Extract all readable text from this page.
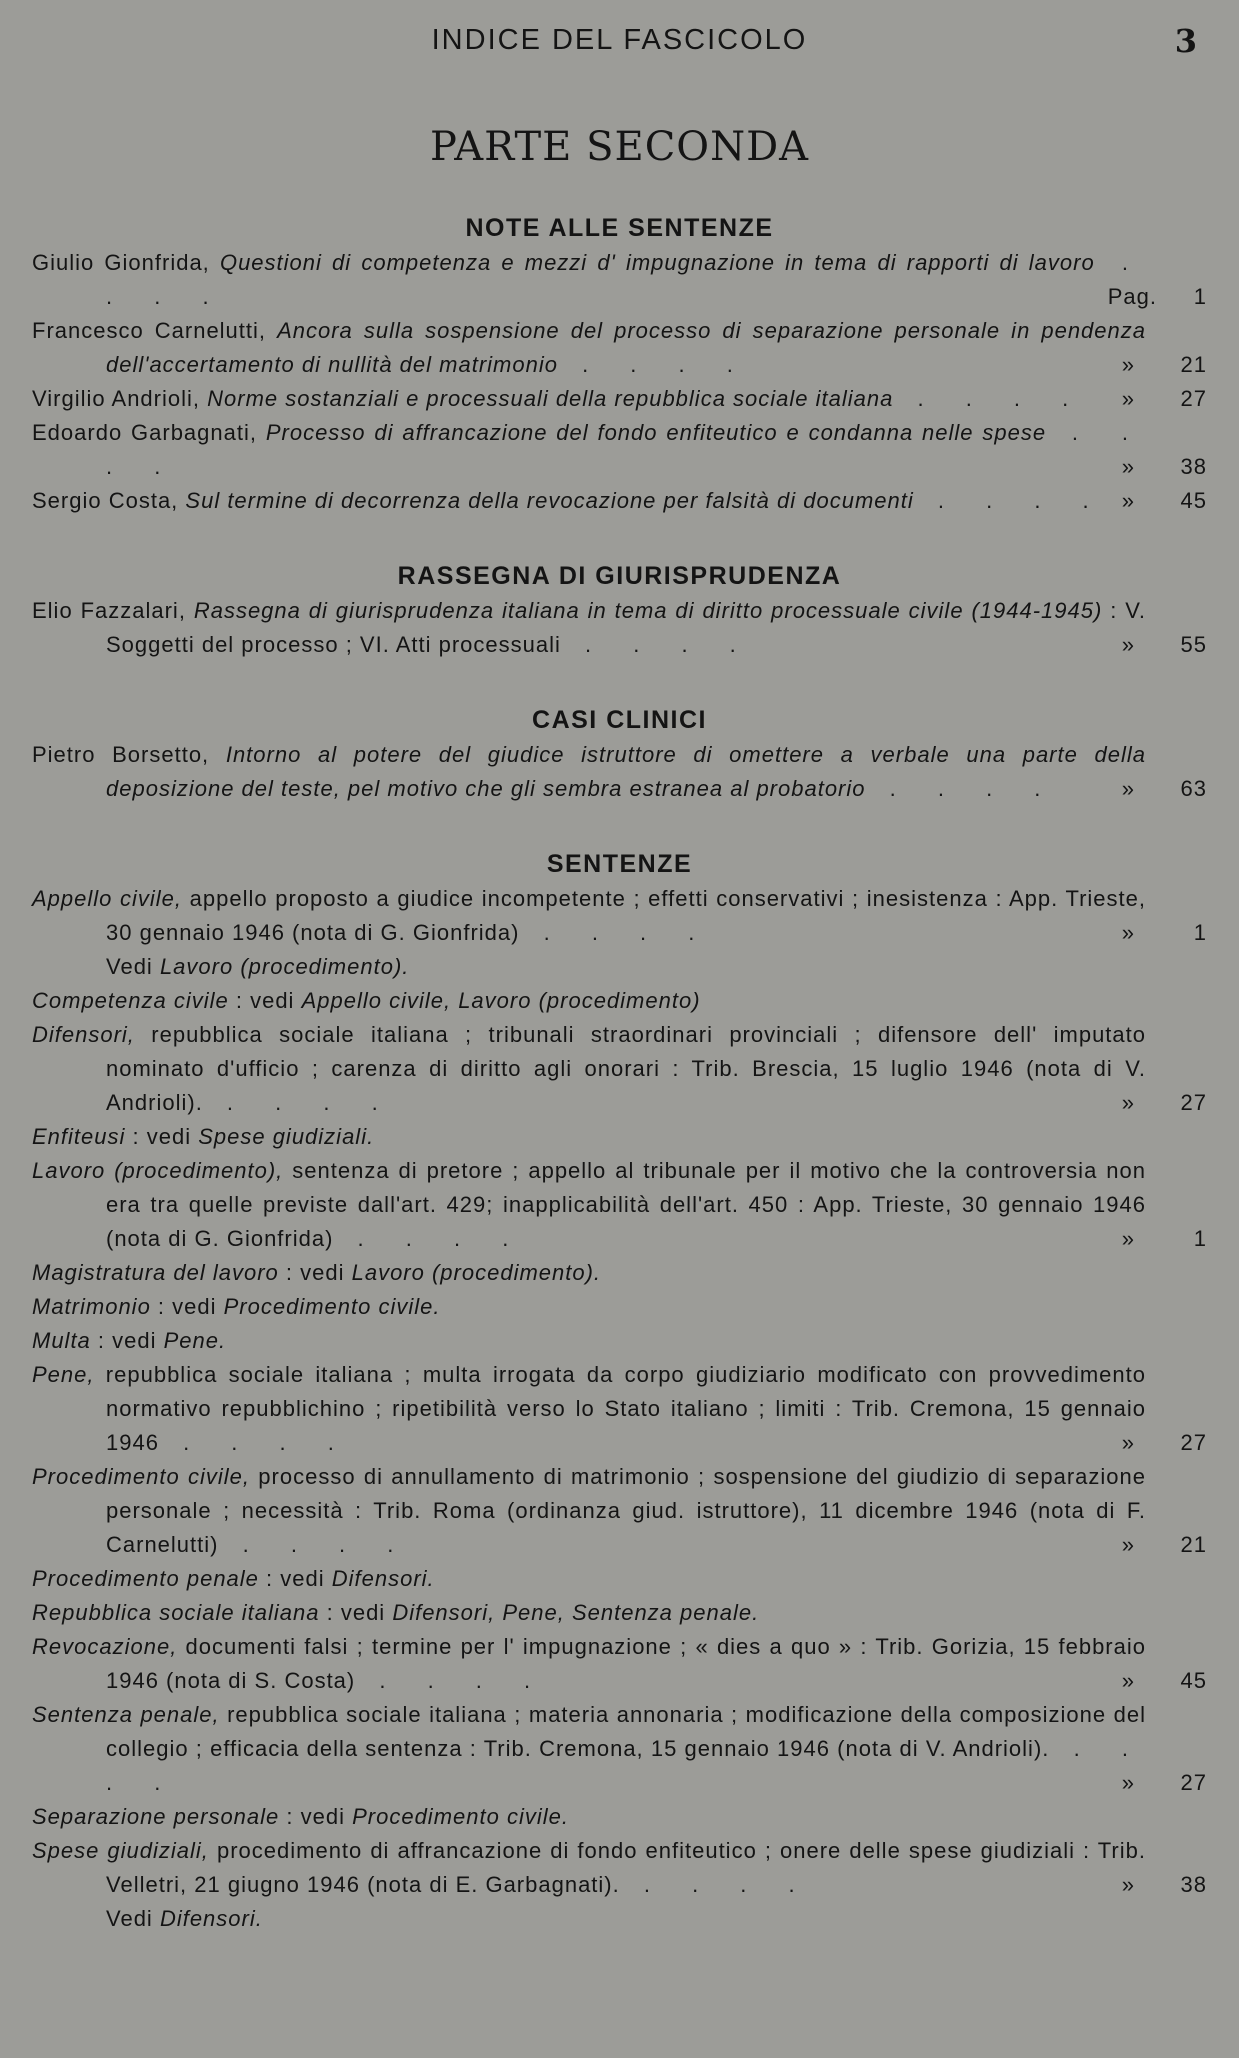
INDICE DEL FASCICOLO	3
PARTE SECONDA
NOTE ALLE SENTENZE
Giulio Gionfrida, Questioni di competenza e mezzi d' impugnazione in tema di rapporti di lavoro . . . .	Pag.	1
Francesco Carnelutti, Ancora sulla sospensione del processo di separazione personale in pendenza dell'accertamento di nullità del matrimonio . . . .	»	21
Virgilio Andrioli, Norme sostanziali e processuali della repubblica sociale italiana . . . .	»	27
Edoardo Garbagnati, Processo di affrancazione del fondo enfiteutico e condanna nelle spese . . . .	»	38
Sergio Costa, Sul termine di decorrenza della revocazione per falsità di documenti . . . . »	45
RASSEGNA DI GIURISPRUDENZA
Elio Fazzalari, Rassegna di giurisprudenza italiana in tema di diritto processuale civile (1944-1945) : V. Soggetti del processo ; VI. Atti processuali . . . .	»	55
CASI CLINICI
Pietro Borsetto, Intorno al potere del giudice istruttore di omettere a verbale una parte della deposizione del teste, pel motivo che gli sembra estranea al probatorio . . . .	»	63
SENTENZE
Appello civile, appello proposto a giudice incompetente ; effetti conservativi ; inesistenza : App. Trieste, 30 gennaio 1946 (nota di G. Gionfrida) . . . .	»	1
Vedi Lavoro (procedimento).
Competenza civile : vedi Appello civile, Lavoro (procedimento)
Difensori, repubblica sociale italiana ; tribunali straordinari provinciali ; difensore dell' imputato nominato d'ufficio ; carenza di diritto agli onorari : Trib. Brescia, 15 luglio 1946 (nota di V. Andrioli). . . . .	»	27
Enfiteusi : vedi Spese giudiziali.
Lavoro (procedimento), sentenza di pretore ; appello al tribunale per il motivo che la controversia non era tra quelle previste dall'art. 429; inapplicabilità dell'art. 450 : App. Trieste, 30 gennaio 1946 (nota di G. Gionfrida) . . . .	»	1
Magistratura del lavoro : vedi Lavoro (procedimento).
Matrimonio : vedi Procedimento civile.
Multa : vedi Pene.
Pene, repubblica sociale italiana ; multa irrogata da corpo giudiziario modificato con provvedimento normativo repubblichino ; ripetibilità verso lo Stato italiano ; limiti : Trib. Cremona, 15 gennaio 1946 . . . .	»	27
Procedimento civile, processo di annullamento di matrimonio ; sospensione del giudizio di separazione personale ; necessità : Trib. Roma (ordinanza giud. istruttore), 11 dicembre 1946 (nota di F. Carnelutti) . . . .	»	21
Procedimento penale : vedi Difensori.
Repubblica sociale italiana : vedi Difensori, Pene, Sentenza penale.
Revocazione, documenti falsi ; termine per l' impugnazione ; « dies a quo » : Trib. Gorizia, 15 febbraio 1946 (nota di S. Costa) . . . .	»	45
Sentenza penale, repubblica sociale italiana ; materia annonaria ; modificazione della composizione del collegio ; efficacia della sentenza : Trib. Cremona, 15 gennaio 1946 (nota di V. Andrioli). . . . .	»	27
Separazione personale : vedi Procedimento civile.
Spese giudiziali, procedimento di affrancazione di fondo enfiteutico ; onere delle spese giudiziali : Trib. Velletri, 21 giugno 1946 (nota di E. Garbagnati). . . . .	»	38
Vedi Difensori.
